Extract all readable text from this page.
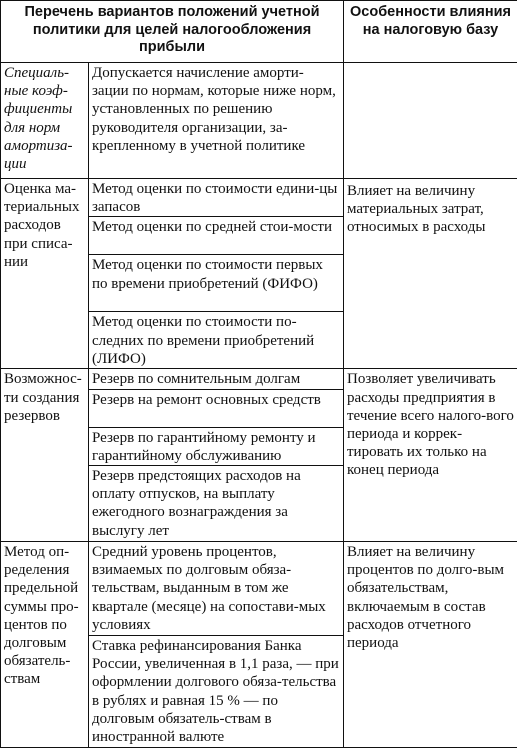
Перечень вариантов положений учетной политики для целей налогообложения прибыли		Особенности влияния на налоговую базу
Специаль-ные коэф-фициенты для норм амортиза-ции	Допускается начисление аморти-зации по нормам, которые ниже норм, установленных по решению руководителя организации, за-крепленному в учетной политике	
Оценка ма-териальных расходов при списа-нии	Метод оценки по стоимости едини-цы запасов	Влияет на величину материальных затрат, относимых в расходы
	Метод оценки по средней стои-мости	
	Метод оценки по стоимости первых по времени приобретений (ФИФО)	
	Метод оценки по стоимости по-следних по времени приобретений (ЛИФО)	
Возможнос-ти создания резервов	Резерв по сомнительным долгам	Позволяет увеличивать расходы предприятия в течение всего налого-вого периода и коррек-тировать их только на конец периода
	Резерв на ремонт основных средств	
	Резерв по гарантийному ремонту и гарантийному обслуживанию	
	Резерв предстоящих расходов на оплату отпусков, на выплату ежегодного вознаграждения за выслугу лет	
Метод оп-ределения предельной суммы про-центов по долговым обязатель-ствам	Средний уровень процентов, взимаемых по долговым обяза-тельствам, выданным в том же квартале (месяце) на сопостави-мых условиях	Влияет на величину процентов по долго-вым обязательствам, включаемым в состав расходов отчетного периода
	Ставка рефинансирования Банка России, увеличенная в 1,1 раза, — при оформлении долгового обяза-тельства в рублях и равная 15 % — по долговым обязатель-ствам в иностранной валюте	
